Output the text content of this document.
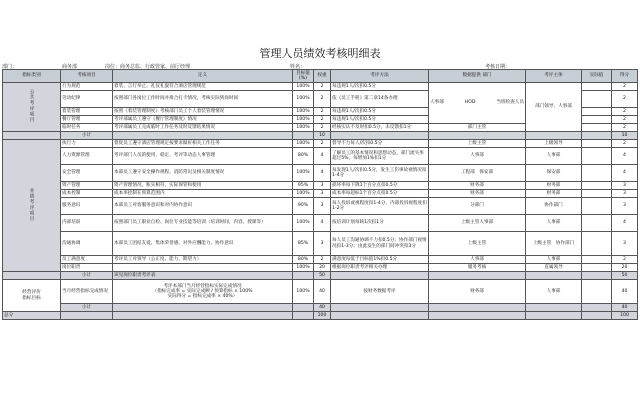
管理人员绩效考核明细表
部门：	商务部	岗位：商务总监、行政管家、前厅经理	姓名：	考核日期：
指标类别	考核项目	定义	目标值(%)	权重	考评方法	数据提供 部门	考评主体	实际值	得分
公共考评项目	行为规范	着装、言行举止、礼仪礼貌符合酒店管理规范	100%	2	每违规1人/次扣0.5分	人事部 HOD 当班检查人员	部门领导、人事部		2
	劳动纪律	按照部门各岗位工作时间并排合打卡情况，考核实际到岗时间	100%	2	依《员工手册》第二章14条办理				2
	着装管理	按照《着装管理制度》考核部门员工个人着装管理情况	100%	2	每违规1人/次扣0.5分				2
	餐厅管理	考评部属员工遵守《餐厅管理制度》情况	100%	2	每违规1人/次扣0.5分				2
	临时任务	考评部属员工完成临时工作任务及时反馈结果情况	100%	2	经核实认不及时扣0.5分，未反馈扣1分	部门主管			2
	小计			10					10
业绩考评项目	执行力	督促员工遵守酒店管理规定按要求做好相关工作任务	100%	2	督导不力每人/次扣0.5分	上级主管	上级领导		2
	人力资源管理	考评部门人员的使用、稳定、考评等动态人事管理	80%	4	了解员工的基本情况和思想动态，部门流失率超过5%，每增加1%扣1分	人事部	人事部		4
	安全管理	本部员工遵守安全操作规程、消防常识及相关制度情况	100%	4	每发现1人/次扣0.5分，发生工伤事故视情况扣1-4分	工程部　保安部	保安部		4
	资产管理	资产管理情况，账实相符，实际保管和使用	95%	3	损坏率每下降1个百分点扣0.5分	财务部	财务部		3
	成本控制	成本率控制在预算范围内	100%	3	成本率每超标1个百分点扣0.5分	财务部	财务部		3
	服务意识	本部员工对客服务意识和对内协作意识	90%	3	每人投诉或视程度扣1-4分，内部投诉视程度扣1-2分	分部门	协作部门		3
	内部培训	按照部门员工职业自检、岗位专业技能等培训（培训时间、内容、授课等）	100%	4	按培训计划每缺1次扣1分	上级主管人事部	人事部		4
	沟通协调	本部员工团结友爱、集体荣誉感、对外应酬能力、协作意识	85%	3	每人员工沟通协调不力扣0.5分；协作部门视情况扣1-3分；由此发生的部门间冲突扣3分	上级主管	上级主管　协作部门		3
	员工满意度	考评员工对领导（公正度、能力、期望力）	80%	2	满意度每低于目标值1%扣0.5分	人事部	人事部		2
	岗位职责		100%	20	根据岗位职责考评相关办理	服务考核	直属领导		20
	小计	该见岗位职责考评表		50					50
经营评价指标目标	当月经营指标完成情况	考评本部门当月经营指标实际完成情况
（指标完成率 = 实际完成额 / 预算指标 × 100%
实际得分 = 指标完成率 × 40%）	100%	40	按财务数据考评	财务部	人事部		40
	小计			40					40
总分				100					100
